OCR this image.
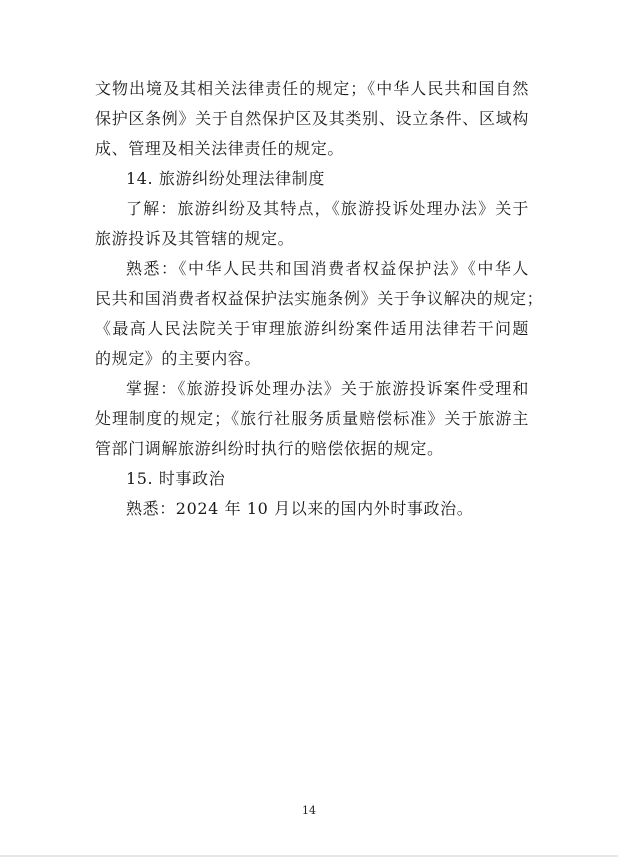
文物出境及其相关法律责任的规定；《中华人民共和国自然
保护区条例》关于自然保护区及其类别、设立条件、区域构
成、管理及相关法律责任的规定。
14. 旅游纠纷处理法律制度
了解：旅游纠纷及其特点，《旅游投诉处理办法》关于
旅游投诉及其管辖的规定。
熟悉：《中华人民共和国消费者权益保护法》《中华人
民共和国消费者权益保护法实施条例》关于争议解决的规定；
《最高人民法院关于审理旅游纠纷案件适用法律若干问题
的规定》的主要内容。
掌握：《旅游投诉处理办法》关于旅游投诉案件受理和
处理制度的规定；《旅行社服务质量赔偿标准》关于旅游主
管部门调解旅游纠纷时执行的赔偿依据的规定。
15. 时事政治
熟悉：2024 年 10 月以来的国内外时事政治。
14
